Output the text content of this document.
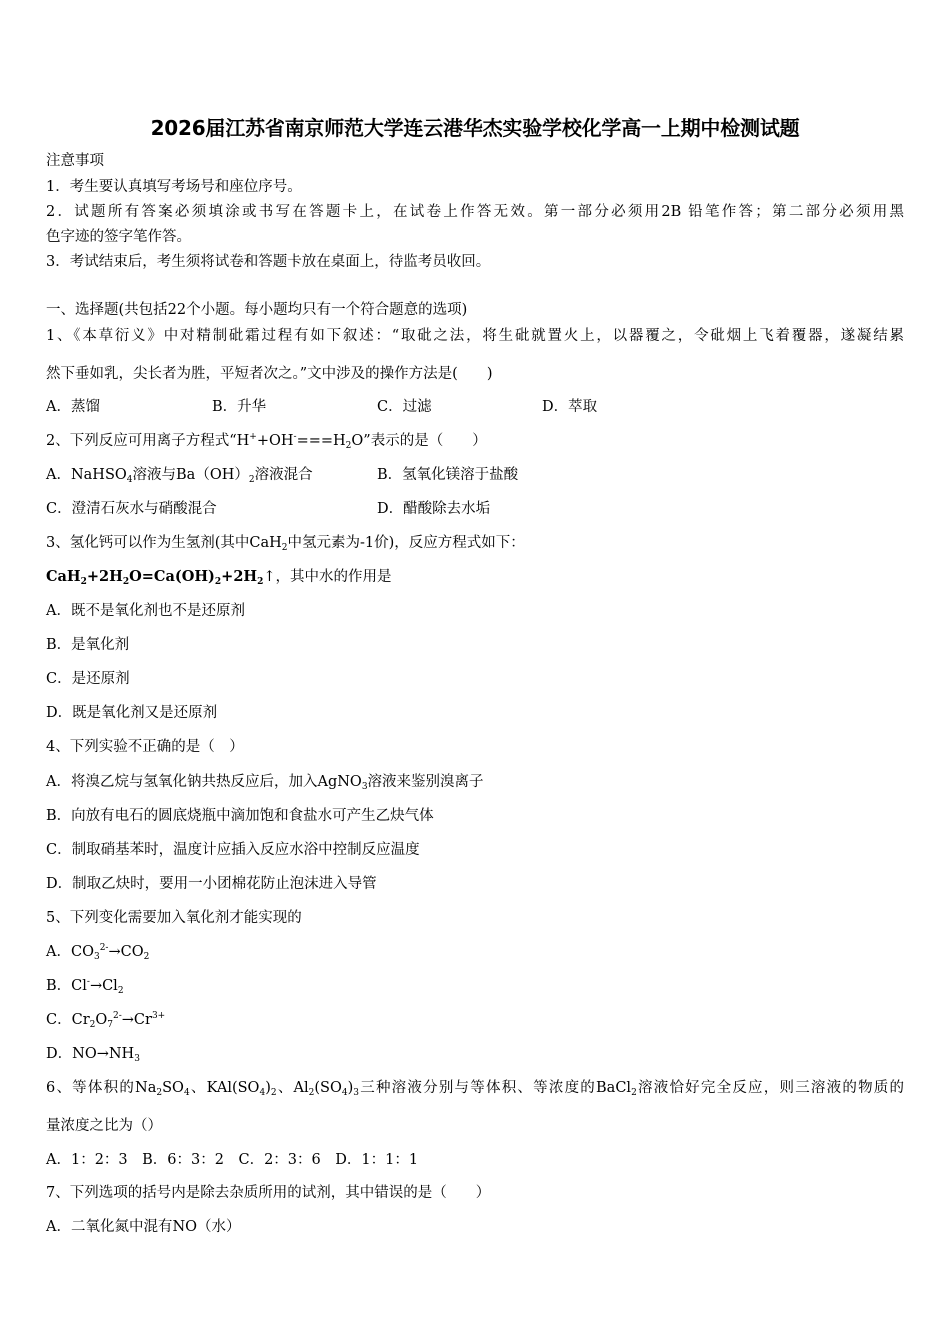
2026届江苏省南京师范大学连云港华杰实验学校化学高一上期中检测试题
注意事项
1．考生要认真填写考场号和座位序号。
2．试题所有答案必须填涂或书写在答题卡上，在试卷上作答无效。第一部分必须用2B 铅笔作答；第二部分必须用黑
色字迹的签字笔作答。
3．考试结束后，考生须将试卷和答题卡放在桌面上，待监考员收回。
一、选择题(共包括22个小题。每小题均只有一个符合题意的选项)
1、《本草衍义》中对精制砒霜过程有如下叙述：“取砒之法，将生砒就置火上，以器覆之，令砒烟上飞着覆器，遂凝结累
然下垂如乳，尖长者为胜，平短者次之。”文中涉及的操作方法是(　　)
A．蒸馏	B．升华	C．过滤	D．萃取
2、下列反应可用离子方程式“$H^++OH^-===H_2O$”表示的是（　　）
A．NaHSO$_4$溶液与$Ba(OH)_2$溶液混合	B．氢氧化镁溶于盐酸
C．澄清石灰水与硝酸混合	D．醋酸除去水垢
3、氢化钙可以作为生氢剂(其中CaH$_2$中氢元素为-1价)，反应方程式如下：
$CaH_2+2H_2O=Ca(OH)_2+2H_2↑$，其中水的作用是
A．既不是氧化剂也不是还原剂
B．是氧化剂
C．是还原剂
D．既是氧化剂又是还原剂
4、下列实验不正确的是（　）
A．将溴乙烷与氢氧化钠共热反应后，加入AgNO$_3$溶液来鉴别溴离子
B．向放有电石的圆底烧瓶中滴加饱和食盐水可产生乙炔气体
C．制取硝基苯时，温度计应插入反应水浴中控制反应温度
D．制取乙炔时，要用一小团棉花防止泡沫进入导管
5、下列变化需要加入氧化剂才能实现的
A．$CO_3^{2-}\to CO_2$
B．$Cl^-\to Cl_2$
C．$Cr_2O_7^{2-}\to Cr^{3+}$
D．$NO\to NH_3$
6、等体积的$Na_2SO_4$、$KAl(SO_4)_2$、$Al_2(SO_4)_3$三种溶液分别与等体积、等浓度的BaCl$_2$溶液恰好完全反应，则三溶液的物质的
量浓度之比为（）
A．1：2：3　B．6：3：2　C．2：3：6　D．1：1：1
7、下列选项的括号内是除去杂质所用的试剂，其中错误的是（　　）
A．二氧化氮中混有NO（水）
